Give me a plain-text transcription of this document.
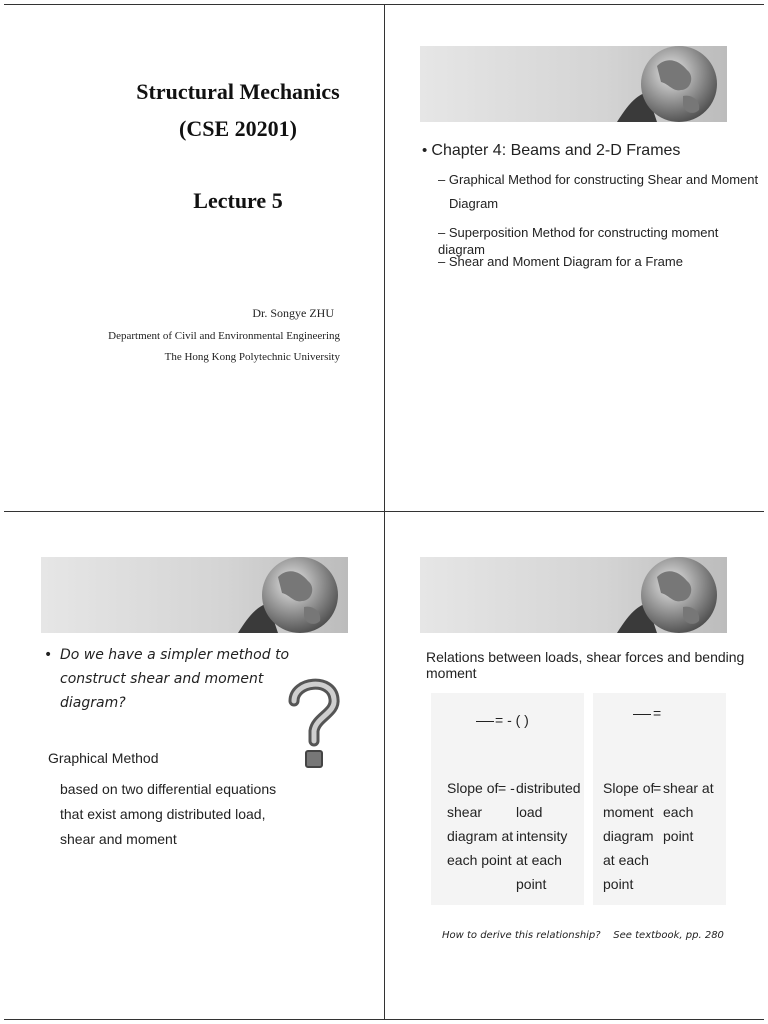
Structural Mechanics
(CSE 20201)
Lecture 5
Dr. Songye ZHU
Department of Civil and Environmental Engineering
The Hong Kong Polytechnic University
• Chapter 4: Beams and 2-D Frames
– Graphical Method for constructing Shear and Moment
Diagram
– Superposition Method for constructing moment diagram
– Shear and Moment Diagram for a Frame
• Do we have a simpler method to
construct shear and moment
diagram?
Graphical Method
based on two differential equations
that exist among distributed load,
shear and moment
Relations between loads, shear forces and bending moment
= - ( )
Slope of
shear
diagram at
each point
= - distributed
load intensity
at each point
=
Slope of
moment
diagram
at each
point
= shear at
each point
How to derive this relationship?    See textbook, pp. 280
